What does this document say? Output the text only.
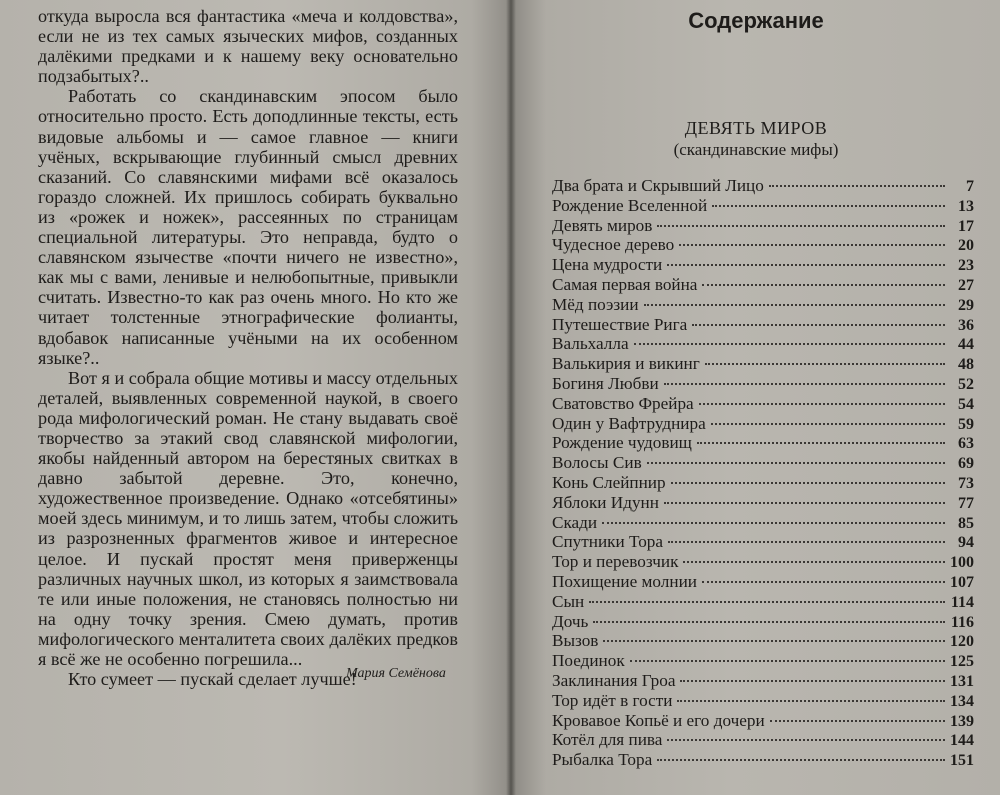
откуда выросла вся фантастика «меча и колдовства», если не из тех самых языческих мифов, созданных далёкими предками и к нашему веку основательно подзабытых?..

Работать со скандинавским эпосом было относительно просто. Есть доподлинные тексты, есть видовые альбомы и — самое главное — книги учёных, вскрывающие глубинный смысл древних сказаний. Со славянскими мифами всё оказалось гораздо сложней. Их пришлось собирать буквально из «рожек и ножек», рассеянных по страницам специальной литературы. Это неправда, будто о славянском язычестве «почти ничего не известно», как мы с вами, ленивые и нелюбопытные, привыкли считать. Известно-то как раз очень много. Но кто же читает толстенные этнографические фолианты, вдобавок написанные учёными на их особенном языке?..

Вот я и собрала общие мотивы и массу отдельных деталей, выявленных современной наукой, в своего рода мифологический роман. Не стану выдавать своё творчество за этакий свод славянской мифологии, якобы найденный автором на берестяных свитках в давно забытой деревне. Это, конечно, художественное произведение. Однако «отсебятины» моей здесь минимум, и то лишь затем, чтобы сложить из разрозненных фрагментов живое и интересное целое. И пускай простят меня приверженцы различных научных школ, из которых я заимствовала те или иные положения, не становясь полностью ни на одну точку зрения. Смею думать, против мифологического менталитета своих далёких предков я всё же не особенно погрешила...

Кто сумеет — пускай сделает лучше!

Мария Семёнова
Содержание
ДЕВЯТЬ МИРОВ
(скандинавские мифы)
Два брата и Скрывший Лицо	7
Рождение Вселенной	13
Девять миров	17
Чудесное дерево	20
Цена мудрости	23
Самая первая война	27
Мёд поэзии	29
Путешествие Рига	36
Вальхалла	44
Валькирия и викинг	48
Богиня Любви	52
Сватовство Фрейра	54
Один у Вафтруднира	59
Рождение чудовищ	63
Волосы Сив	69
Конь Слейпнир	73
Яблоки Идунн	77
Скади	85
Спутники Тора	94
Тор и перевозчик	100
Похищение молнии	107
Сын	114
Дочь	116
Вызов	120
Поединок	125
Заклинания Гроа	131
Тор идёт в гости	134
Кровавое Копьё и его дочери	139
Котёл для пива	144
Рыбалка Тора	151
